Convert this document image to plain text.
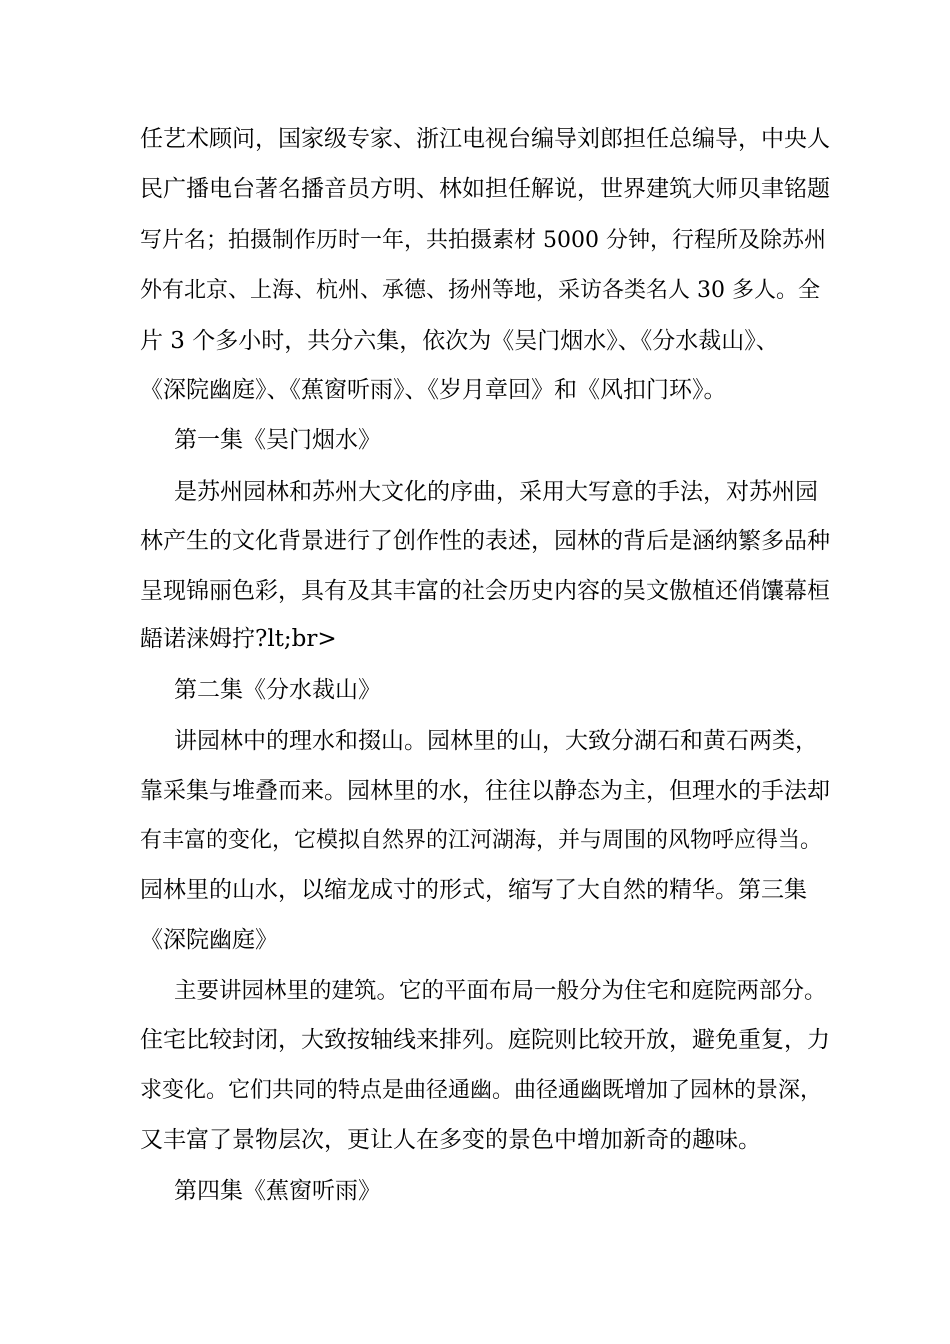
任艺术顾问，国家级专家、浙江电视台编导刘郎担任总编导，中央人
民广播电台著名播音员方明、林如担任解说，世界建筑大师贝聿铭题
写片名；拍摄制作历时一年，共拍摄素材 5000 分钟，行程所及除苏州
外有北京、上海、杭州、承德、扬州等地，采访各类名人 30 多人。全
片 3 个多小时，共分六集，依次为《吴门烟水》、《分水裁山》、
《深院幽庭》、《蕉窗听雨》、《岁月章回》和《风扣门环》。
第一集《吴门烟水》
是苏州园林和苏州大文化的序曲，采用大写意的手法，对苏州园
林产生的文化背景进行了创作性的表述，园林的背后是涵纳繁多品种
呈现锦丽色彩，具有及其丰富的社会历史内容的吴文傲植还俏馕幕桓
龉诺涞姆拧?lt;br>
第二集《分水裁山》
讲园林中的理水和掇山。园林里的山，大致分湖石和黄石两类，
靠采集与堆叠而来。园林里的水，往往以静态为主，但理水的手法却
有丰富的变化，它模拟自然界的江河湖海，并与周围的风物呼应得当。
园林里的山水，以缩龙成寸的形式，缩写了大自然的精华。第三集
《深院幽庭》
主要讲园林里的建筑。它的平面布局一般分为住宅和庭院两部分。
住宅比较封闭，大致按轴线来排列。庭院则比较开放，避免重复，力
求变化。它们共同的特点是曲径通幽。曲径通幽既增加了园林的景深，
又丰富了景物层次，更让人在多变的景色中增加新奇的趣味。
第四集《蕉窗听雨》
